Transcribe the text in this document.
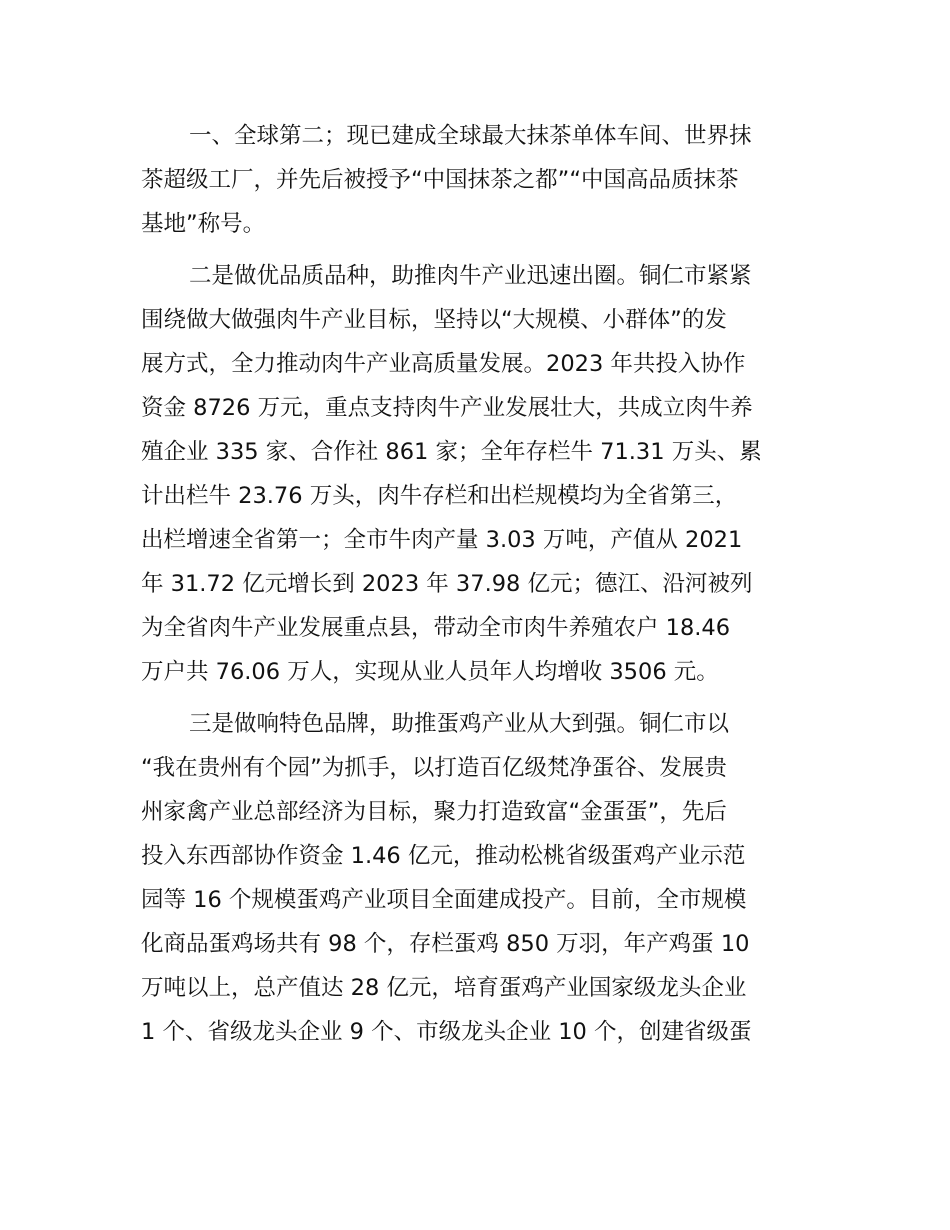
一、全球第二；现已建成全球最大抹茶单体车间、世界抹
茶超级工厂，并先后被授予“中国抹茶之都”“中国高品质抹茶
基地”称号。
二是做优品质品种，助推肉牛产业迅速出圈。铜仁市紧紧
围绕做大做强肉牛产业目标，坚持以“大规模、小群体”的发
展方式，全力推动肉牛产业高质量发展。2023 年共投入协作
资金 8726 万元，重点支持肉牛产业发展壮大，共成立肉牛养
殖企业 335 家、合作社 861 家；全年存栏牛 71.31 万头、累
计出栏牛 23.76 万头，肉牛存栏和出栏规模均为全省第三，
出栏增速全省第一；全市牛肉产量 3.03 万吨，产值从 2021
年 31.72 亿元增长到 2023 年 37.98 亿元；德江、沿河被列
为全省肉牛产业发展重点县，带动全市肉牛养殖农户 18.46
万户共 76.06 万人，实现从业人员年人均增收 3506 元。
三是做响特色品牌，助推蛋鸡产业从大到强。铜仁市以
“我在贵州有个园”为抓手，以打造百亿级梵净蛋谷、发展贵
州家禽产业总部经济为目标，聚力打造致富“金蛋蛋”，先后
投入东西部协作资金 1.46 亿元，推动松桃省级蛋鸡产业示范
园等 16 个规模蛋鸡产业项目全面建成投产。目前，全市规模
化商品蛋鸡场共有 98 个，存栏蛋鸡 850 万羽，年产鸡蛋 10
万吨以上，总产值达 28 亿元，培育蛋鸡产业国家级龙头企业
1 个、省级龙头企业 9 个、市级龙头企业 10 个，创建省级蛋
